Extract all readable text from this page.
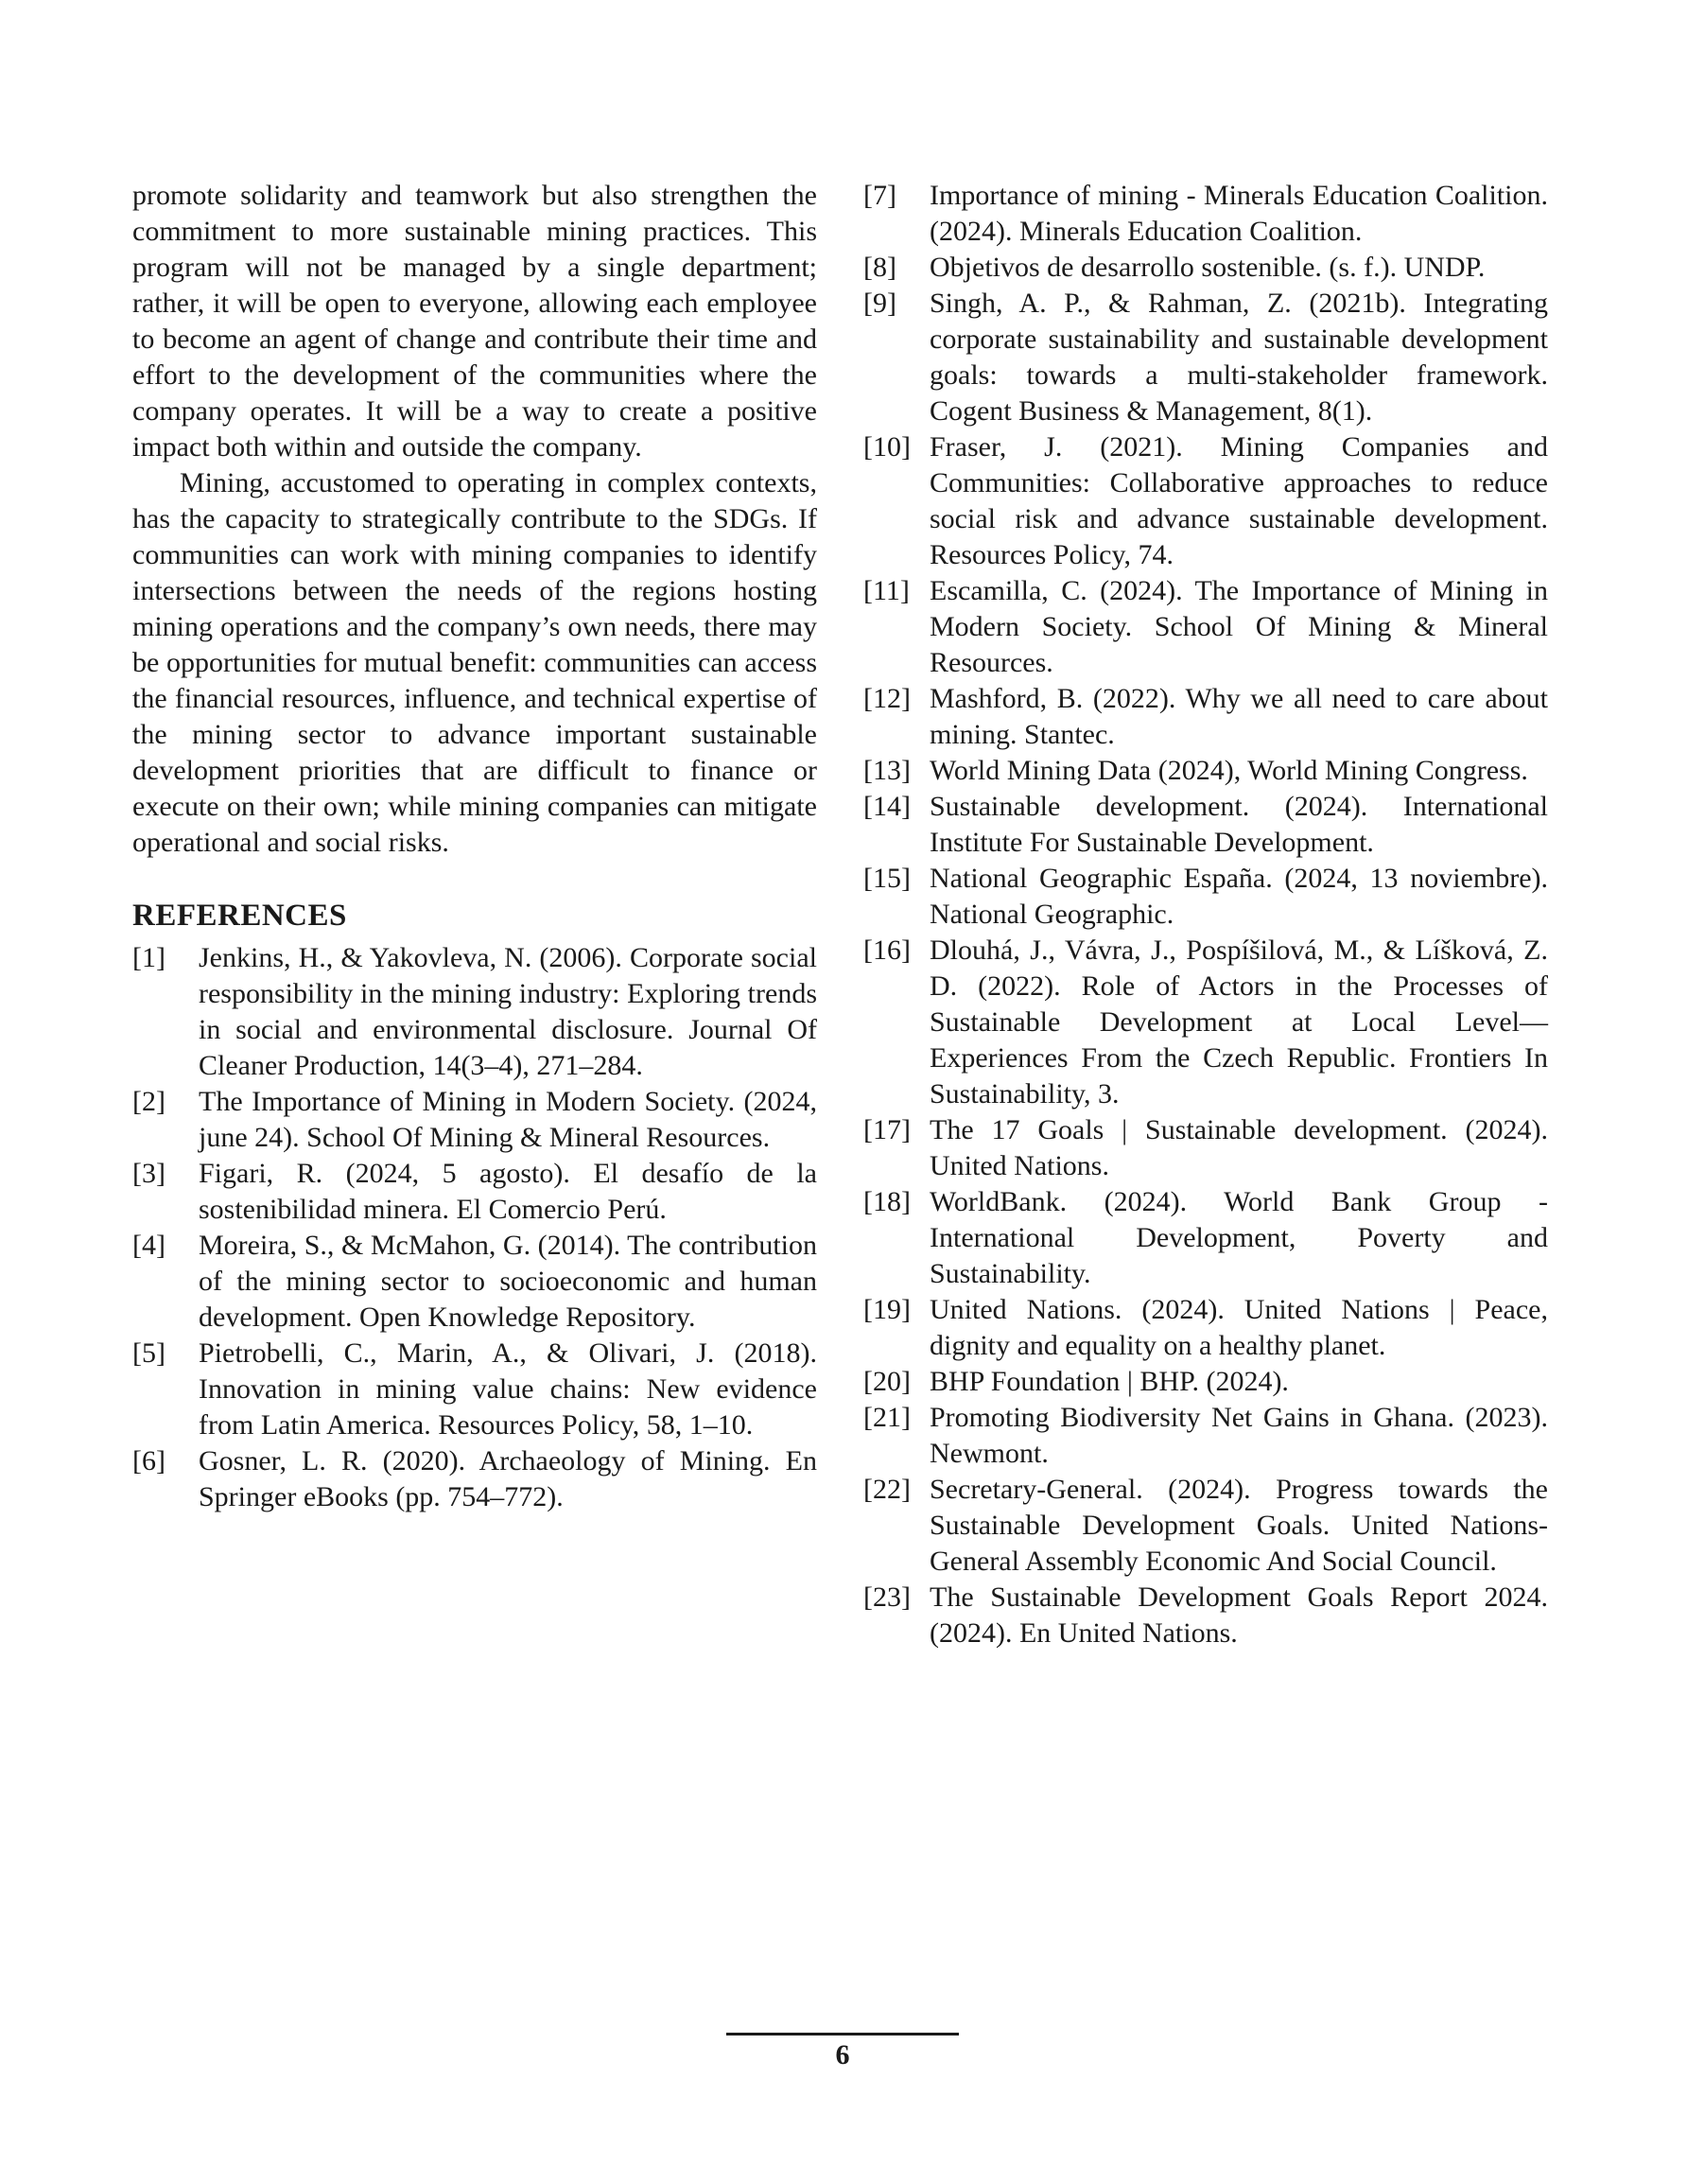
promote solidarity and teamwork but also strengthen the commitment to more sustainable mining practices. This program will not be managed by a single department; rather, it will be open to everyone, allowing each employee to become an agent of change and contribute their time and effort to the development of the communities where the company operates. It will be a way to create a positive impact both within and outside the company.

Mining, accustomed to operating in complex contexts, has the capacity to strategically contribute to the SDGs. If communities can work with mining companies to identify intersections between the needs of the regions hosting mining operations and the company’s own needs, there may be opportunities for mutual benefit: communities can access the financial resources, influence, and technical expertise of the mining sector to advance important sustainable development priorities that are difficult to finance or execute on their own; while mining companies can mitigate operational and social risks.

REFERENCES
[1]	Jenkins, H., & Yakovleva, N. (2006). Corporate social responsibility in the mining industry: Exploring trends in social and environmental disclosure. Journal Of Cleaner Production, 14(3–4), 271–284.
[2]	The Importance of Mining in Modern Society. (2024, june 24). School Of Mining & Mineral Resources.
[3]	Figari, R. (2024, 5 agosto). El desafío de la sostenibilidad minera. El Comercio Perú.
[4]	Moreira, S., & McMahon, G. (2014). The contribution of the mining sector to socioeconomic and human development. Open Knowledge Repository.
[5]	Pietrobelli, C., Marin, A., & Olivari, J. (2018). Innovation in mining value chains: New evidence from Latin America. Resources Policy, 58, 1–10.
[6]	Gosner, L. R. (2020). Archaeology of Mining. En Springer eBooks (pp. 754–772).
[7]	Importance of mining - Minerals Education Coalition. (2024). Minerals Education Coalition.
[8]	Objetivos de desarrollo sostenible. (s. f.). UNDP.
[9]	Singh, A. P., & Rahman, Z. (2021b). Integrating corporate sustainability and sustainable development goals: towards a multi-stakeholder framework. Cogent Business & Management, 8(1).
[10] Fraser, J. (2021). Mining Companies and Communities: Collaborative approaches to reduce social risk and advance sustainable development. Resources Policy, 74.
[11] Escamilla, C. (2024). The Importance of Mining in Modern Society. School Of Mining & Mineral Resources.
[12] Mashford, B. (2022). Why we all need to care about mining. Stantec.
[13] World Mining Data (2024), World Mining Congress.
[14] Sustainable development. (2024). International Institute For Sustainable Development.
[15] National Geographic España. (2024, 13 noviembre). National Geographic.
[16] Dlouhá, J., Vávra, J., Pospíšilová, M., & Líšková, Z. D. (2022). Role of Actors in the Processes of Sustainable Development at Local Level—Experiences From the Czech Republic. Frontiers In Sustainability, 3.
[17] The 17 Goals | Sustainable development. (2024). United Nations.
[18] WorldBank. (2024). World Bank Group - International Development, Poverty and Sustainability.
[19] United Nations. (2024). United Nations | Peace, dignity and equality on a healthy planet.
[20] BHP Foundation | BHP. (2024).
[21] Promoting Biodiversity Net Gains in Ghana. (2023). Newmont.
[22] Secretary-General. (2024). Progress towards the Sustainable Development Goals. United Nations-General Assembly Economic And Social Council.
[23] The Sustainable Development Goals Report 2024. (2024). En United Nations.
6
